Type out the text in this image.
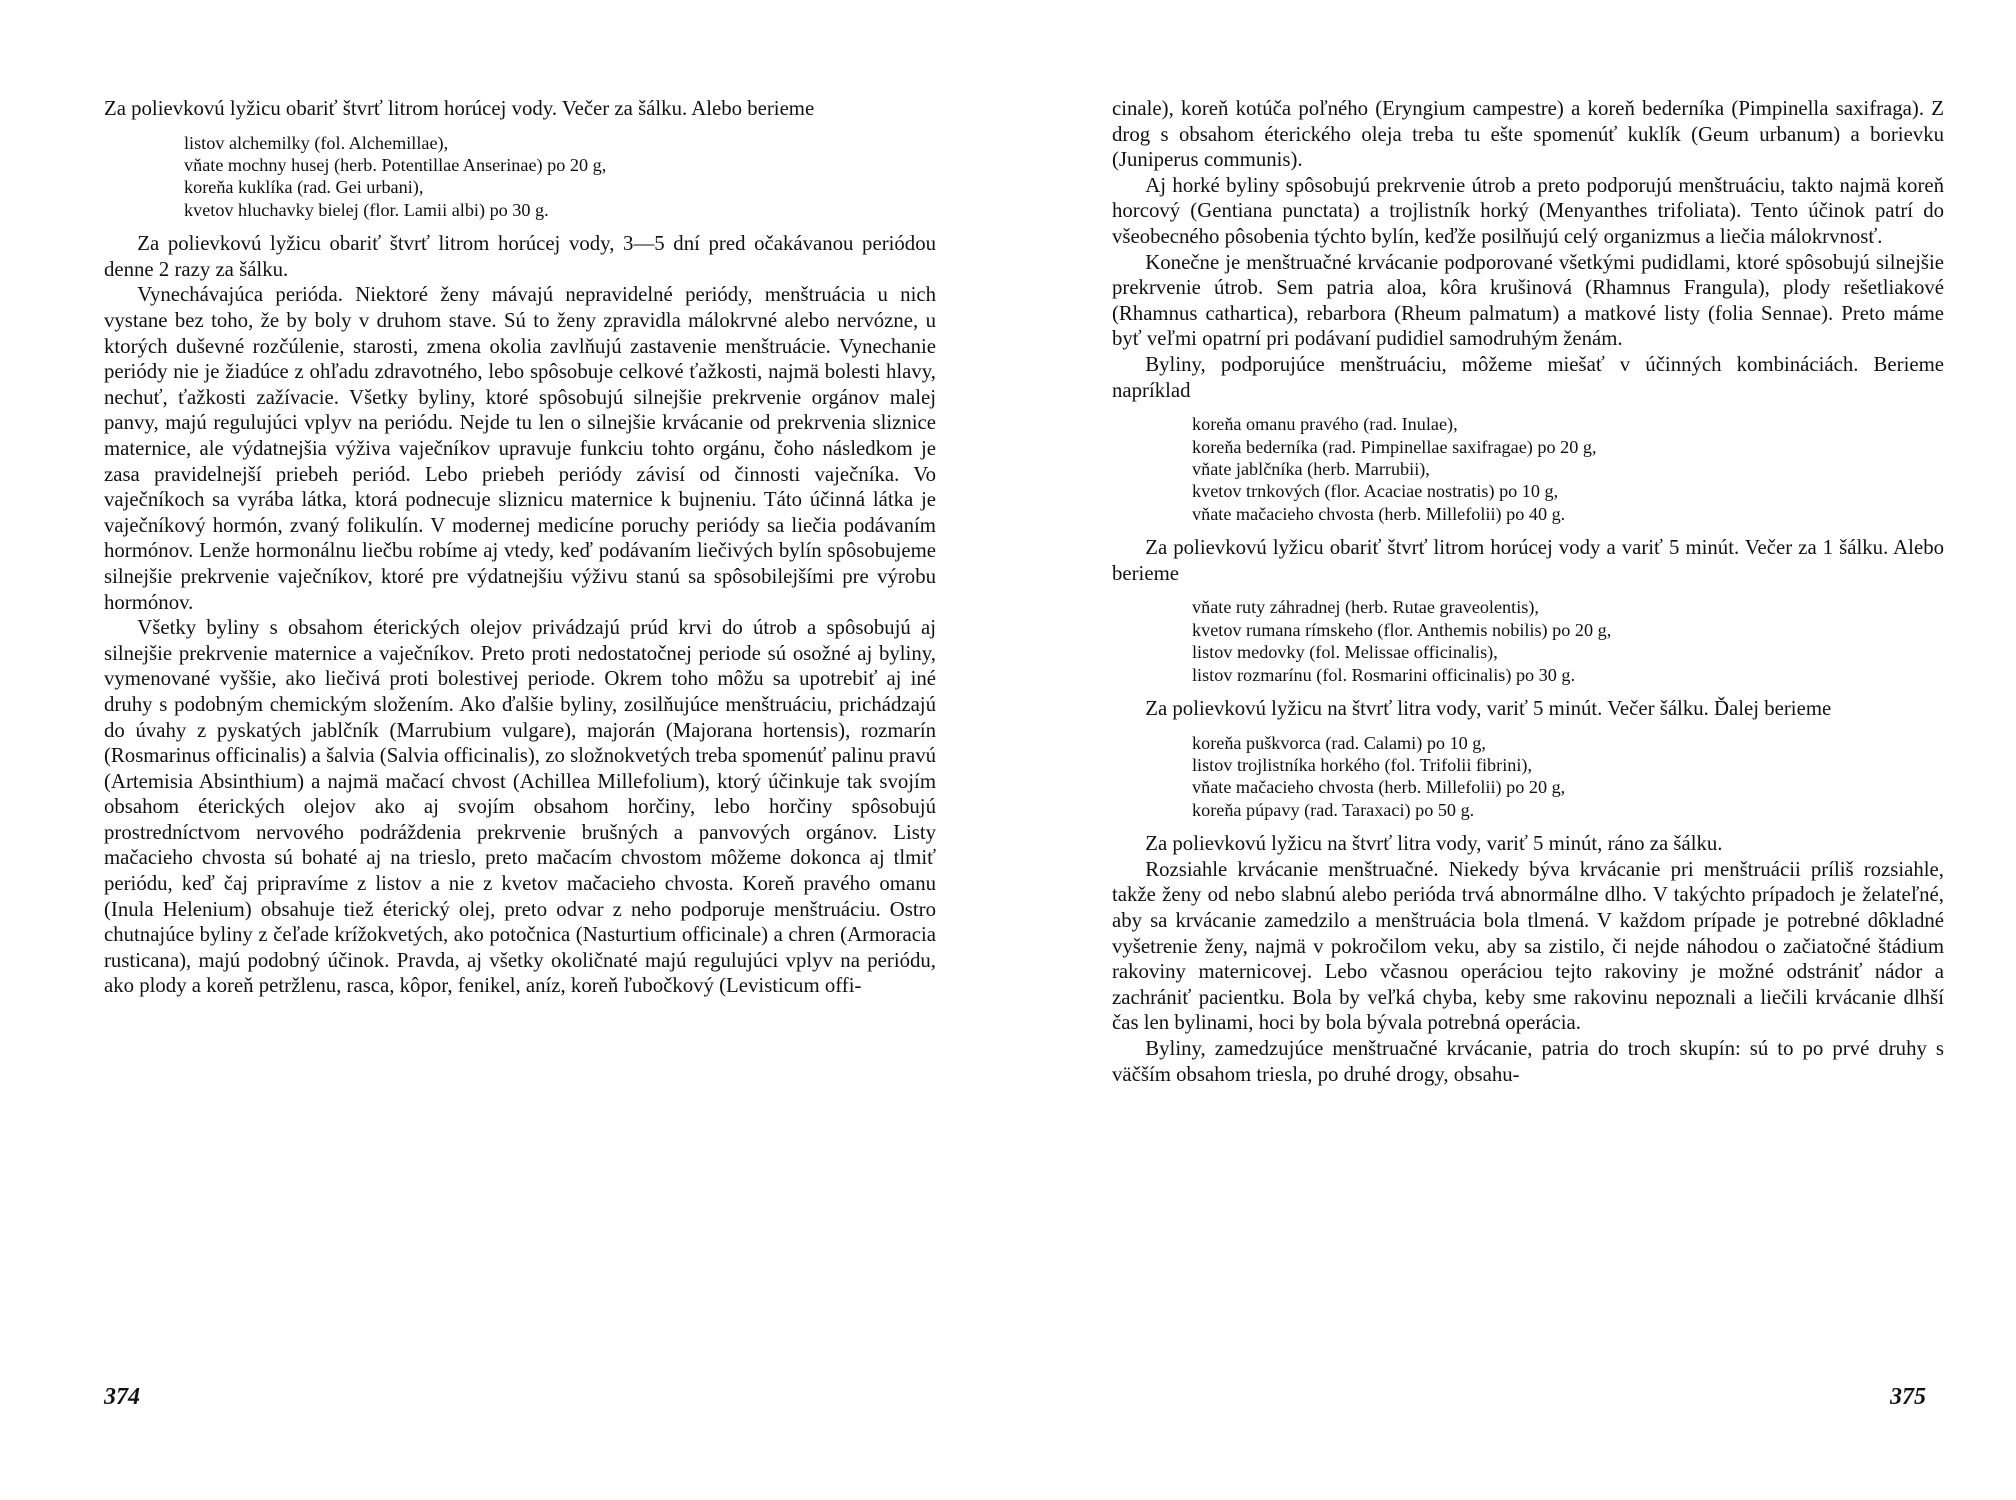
Za polievkovú lyžicu obariť štvrť litrom horúcej vody. Večer za šálku. Alebo berieme

listov alchemilky (fol. Alchemillae),
vňate mochny husej (herb. Potentillae Anserinae) po 20 g,
koreňa kuklíka (rad. Gei urbani),
kvetov hluchavky bielej (flor. Lamii albi) po 30 g.

Za polievkovú lyžicu obariť štvrť litrom horúcej vody, 3—5 dní pred očakávanou periódou denne 2 razy za šálku.

Vynechávajúca perióda. Niektoré ženy mávajú nepravidelné periódy, menštruácia u nich vystane bez toho, že by boly v druhom stave. Sú to ženy zpravidla málokrvné alebo nervózne, u ktorých duševné rozčúlenie, starosti, zmena okolia zavlňujú zastavenie menštruácie. Vynechanie periódy nie je žiadúce z ohľadu zdravotného, lebo spôsobuje celkové ťažkosti, najmä bolesti hlavy, nechuť, ťažkosti zažívacie. Všetky byliny, ktoré spôsobujú silnejšie prekrvenie orgánov malej panvy, majú regulujúci vplyv na periódu. Nejde tu len o silnejšie krvácanie od prekrvenia sliznice maternice, ale výdatnejšia výživa vaječníkov upravuje funkciu tohto orgánu, čoho následkom je zasa pravidelnejší priebeh periód. Lebo priebeh periódy závisí od činnosti vaječníka. Vo vaječníkoch sa vyrába látka, ktorá podnecuje sliznicu maternice k bujneniu. Táto účinná látka je vaječníkový hormón, zvaný folikulín. V modernej medicíne poruchy periódy sa liečia podávaním hormónov. Lenže hormonálnu liečbu robíme aj vtedy, keď podávaním liečivých bylín spôsobujeme silnejšie prekrvenie vaječníkov, ktoré pre výdatnejšiu výživu stanú sa spôsobilejšími pre výrobu hormónov.

Všetky byliny s obsahom éterických olejov privádzajú prúd krvi do útrob a spôsobujú aj silnejšie prekrvenie maternice a vaječníkov. Preto proti nedostatočnej periode sú osožné aj byliny, vymenované vyššie, ako liečivá proti bolestivej periode. Okrem toho môžu sa upotrebiť aj iné druhy s podobným chemickým složením. Ako ďalšie byliny, zosilňujúce menštruáciu, prichádzajú do úvahy z pyskatých jablčník (Marrubium vulgare), majorán (Majorana hortensis), rozmarín (Rosmarinus officinalis) a šalvia (Salvia officinalis), zo složnokvetých treba spomenúť palinu pravú (Artemisia Absinthium) a najmä mačací chvost (Achillea Millefolium), ktorý účinkuje tak svojím obsahom éterických olejov ako aj svojím obsahom horčiny, lebo horčiny spôsobujú prostredníctvom nervového podráždenia prekrvenie brušných a panvových orgánov. Listy mačacieho chvosta sú bohaté aj na trieslo, preto mačacím chvostom môžeme dokonca aj tlmiť periódu, keď čaj pripravíme z listov a nie z kvetov mačacieho chvosta. Koreň pravého omanu (Inula Helenium) obsahuje tiež éterický olej, preto odvar z neho podporuje menštruáciu. Ostro chutnajúce byliny z čeľade krížokvetých, ako potočnica (Nasturtium officinale) a chren (Armoracia rusticana), majú podobný účinok. Pravda, aj všetky okoličnaté majú regulujúci vplyv na periódu, ako plody a koreň petržlenu, rasca, kôpor, fenikel, aníz, koreň ľubočkový (Levisticum offi-

374

cinale), koreň kotúča poľného (Eryngium campestre) a koreň bederníka (Pimpinella saxifraga). Z drog s obsahom éterického oleja treba tu ešte spomenúť kuklík (Geum urbanum) a borievku (Juniperus communis).

Aj horké byliny spôsobujú prekrvenie útrob a preto podporujú menštruáciu, takto najmä koreň horcový (Gentiana punctata) a trojlistník horký (Menyanthes trifoliata). Tento účinok patrí do všeobecného pôsobenia týchto bylín, keďže posilňujú celý organizmus a liečia málokrvnosť.

Konečne je menštruačné krvácanie podporované všetkými pudidlami, ktoré spôsobujú silnejšie prekrvenie útrob. Sem patria aloa, kôra krušinová (Rhamnus Frangula), plody rešetliakové (Rhamnus cathartica), rebarbora (Rheum palmatum) a matkové listy (folia Sennae). Preto máme byť veľmi opatrní pri podávaní pudidiel samodruhým ženám.

Byliny, podporujúce menštruáciu, môžeme miešať v účinných kombináciách. Berieme napríklad

koreňa omanu pravého (rad. Inulae),
koreňa bederníka (rad. Pimpinellae saxifragae) po 20 g,
vňate jablčníka (herb. Marrubii),
kvetov trnkových (flor. Acaciae nostratis) po 10 g,
vňate mačacieho chvosta (herb. Millefolii) po 40 g.

Za polievkovú lyžicu obariť štvrť litrom horúcej vody a variť 5 minút. Večer za 1 šálku. Alebo berieme

vňate ruty záhradnej (herb. Rutae graveolentis),
kvetov rumana rímskeho (flor. Anthemis nobilis) po 20 g,
listov medovky (fol. Melissae officinalis),
listov rozmarínu (fol. Rosmarini officinalis) po 30 g.

Za polievkovú lyžicu na štvrť litra vody, variť 5 minút. Večer šálku. Ďalej berieme

koreňa puškvorca (rad. Calami) po 10 g,
listov trojlistníka horkého (fol. Trifolii fibrini),
vňate mačacieho chvosta (herb. Millefolii) po 20 g,
koreňa púpavy (rad. Taraxaci) po 50 g.

Za polievkovú lyžicu na štvrť litra vody, variť 5 minút, ráno za šálku.

Rozsiahle krvácanie menštruačné. Niekedy býva krvácanie pri menštruácii príliš rozsiahle, takže ženy od nebo slabnú alebo perióda trvá abnormálne dlho. V takýchto prípadoch je želateľné, aby sa krvácanie zamedzilo a menštruácia bola tlmená. V každom prípade je potrebné dôkladné vyšetrenie ženy, najmä v pokročilom veku, aby sa zistilo, či nejde náhodou o začiatočné štádium rakoviny maternicovej. Lebo včasnou operáciou tejto rakoviny je možné odstrániť nádor a zachrániť pacientku. Bola by veľká chyba, keby sme rakovinu nepoznali a liečili krvácanie dlhší čas len bylinami, hoci by bola bývala potrebná operácia.

Byliny, zamedzujúce menštruačné krvácanie, patria do troch skupín: sú to po prvé druhy s väčším obsahom triesla, po druhé drogy, obsahu-

375
